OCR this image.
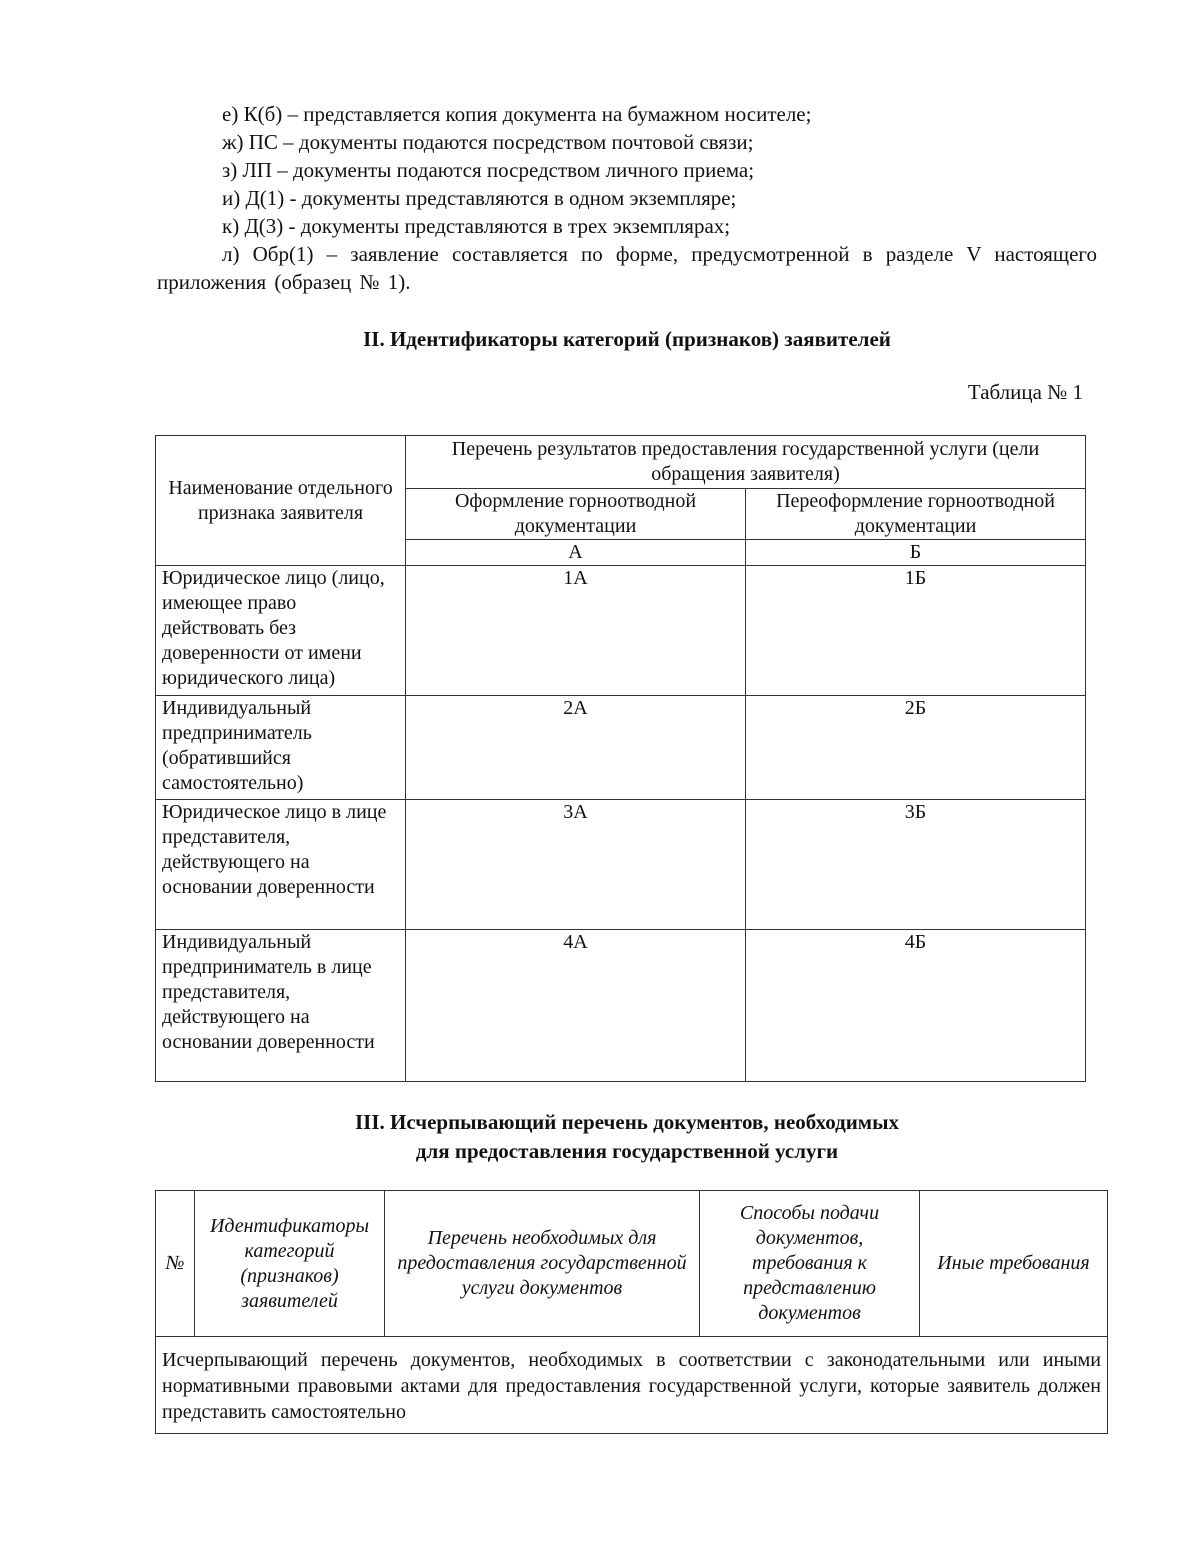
е) К(б) – представляется копия документа на бумажном носителе;

ж) ПС – документы подаются посредством почтовой связи;

з) ЛП – документы подаются посредством личного приема;

и) Д(1) - документы представляются в одном экземпляре;

к) Д(3) - документы представляются в трех экземплярах;

л) Обр(1) – заявление составляется по форме, предусмотренной в разделе V настоящего приложения (образец № 1).

II. Идентификаторы категорий (признаков) заявителей
Таблица № 1
Наименование отдельного признака заявителя	Перечень результатов предоставления государственной услуги (цели обращения заявителя)	
	Оформление горноотводной документации	Переоформление горноотводной документации
	А	Б
Юридическое лицо (лицо, имеющее право действовать без доверенности от имени юридического лица)	1А	1Б
Индивидуальный предприниматель (обратившийся самостоятельно)	2А	2Б
Юридическое лицо в лице представителя, действующего на основании доверенности	3А	3Б
Индивидуальный предприниматель в лице представителя, действующего на основании доверенности	4А	4Б
III. Исчерпывающий перечень документов, необходимых
для предоставления государственной услуги
№	Идентификаторы категорий (признаков) заявителей	Перечень необходимых для предоставления государственной услуги документов	Способы подачи документов, требования к представлению документов	Иные требования
Исчерпывающий перечень документов, необходимых в соответствии с законодательными или иными нормативными правовыми актами для предоставления государственной услуги, которые заявитель должен представить самостоятельно
